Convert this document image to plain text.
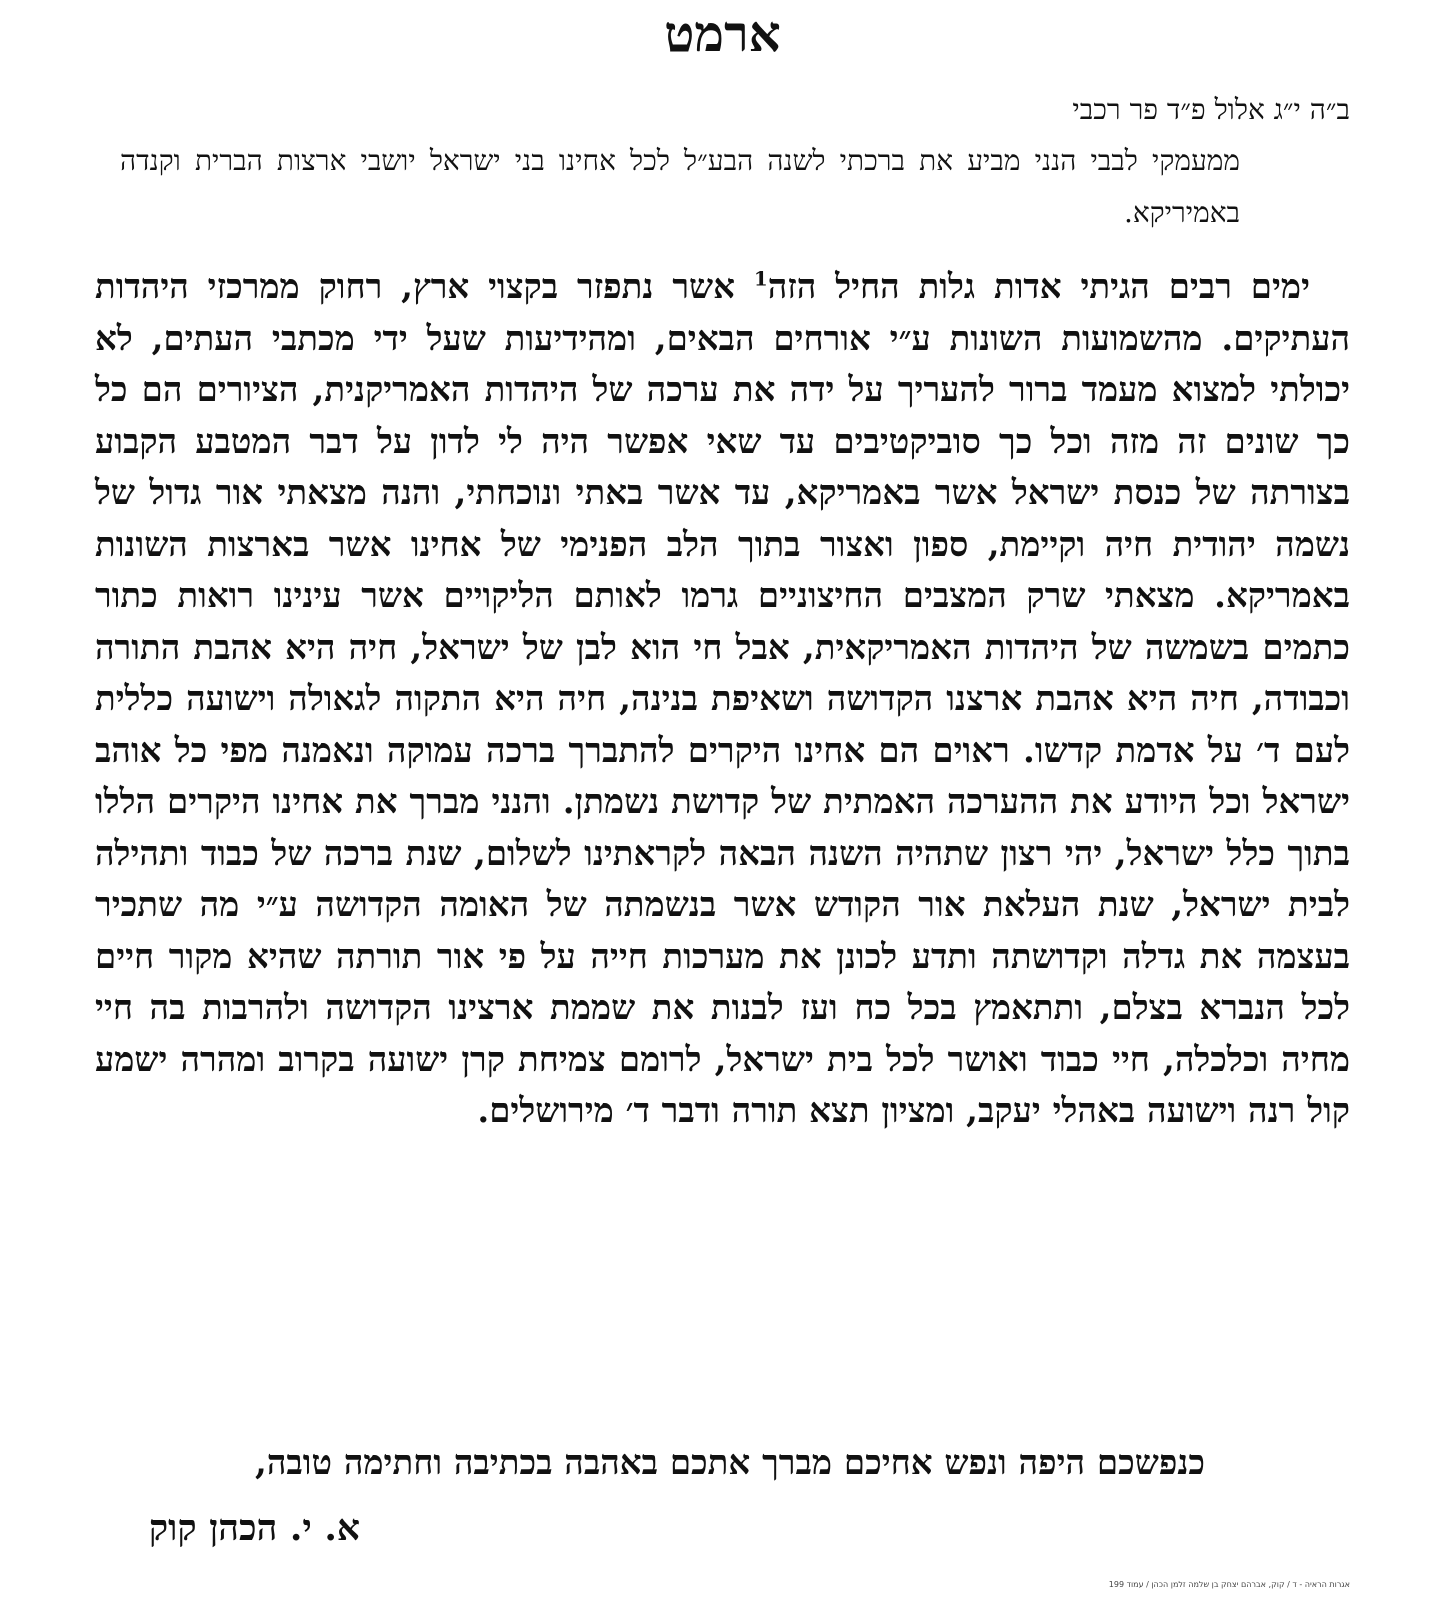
ארמט

ב״ה י״ג אלול פ״ד פר רכבי

ממעמקי לבבי הנני מביע את ברכתי לשנה הבע״ל לכל אחינו בני ישראל יושבי ארצות הברית וקנדה באמיריקא.

ימים רבים הגיתי אדות גלות החיל הזה$^1$ אשר נתפזר בקצוי ארץ, רחוק ממרכזי היהדות העתיקים. מהשמועות השונות ע״י אורחים הבאים, ומהידיעות שעל ידי מכתבי העתים, לא יכולתי למצוא מעמד ברור להעריך על ידה את ערכה של היהדות האמריקנית, הציורים הם כל כך שונים זה מזה וכל כך סוביקטיבים עד שאי אפשר היה לי לדון על דבר המטבע הקבוע בצורתה של כנסת ישראל אשר באמריקא, עד אשר באתי ונוכחתי, והנה מצאתי אור גדול של נשמה יהודית חיה וקיימת, ספון ואצור בתוך הלב הפנימי של אחינו אשר בארצות השונות באמריקא. מצאתי שרק המצבים החיצוניים גרמו לאותם הליקויים אשר עינינו רואות כתור כתמים בשמשה של היהדות האמריקאית, אבל חי הוא לבן של ישראל, חיה היא אהבת התורה וכבודה, חיה היא אהבת ארצנו הקדושה ושאיפת בנינה, חיה היא התקוה לגאולה וישועה כללית לעם ד׳ על אדמת קדשו. ראוים הם אחינו היקרים להתברך ברכה עמוקה ונאמנה מפי כל אוהב ישראל וכל היודע את ההערכה האמתית של קדושת נשמתן. והנני מברך את אחינו היקרים הללו בתוך כלל ישראל, יהי רצון שתהיה השנה הבאה לקראתינו לשלום, שנת ברכה של כבוד ותהילה לבית ישראל, שנת העלאת אור הקודש אשר בנשמתה של האומה הקדושה ע״י מה שתכיר בעצמה את גדלה וקדושתה ותדע לכונן את מערכות חייה על פי אור תורתה שהיא מקור חיים לכל הנברא בצלם, ותתאמץ בכל כח ועז לבנות את שממת ארצינו הקדושה ולהרבות בה חיי מחיה וכלכלה, חיי כבוד ואושר לכל בית ישראל, לרומם צמיחת קרן ישועה בקרוב ומהרה ישמע קול רנה וישועה באהלי יעקב, ומציון תצא תורה ודבר ד׳ מירושלים.

כנפשכם היפה ונפש אחיכם מברך אתכם באהבה בכתיבה וחתימה טובה,

א. י. הכהן קוק

אגרות הראיה - ד / קוק, אברהם יצחק בן שלמה זלמן הכהן / עמוד 199
